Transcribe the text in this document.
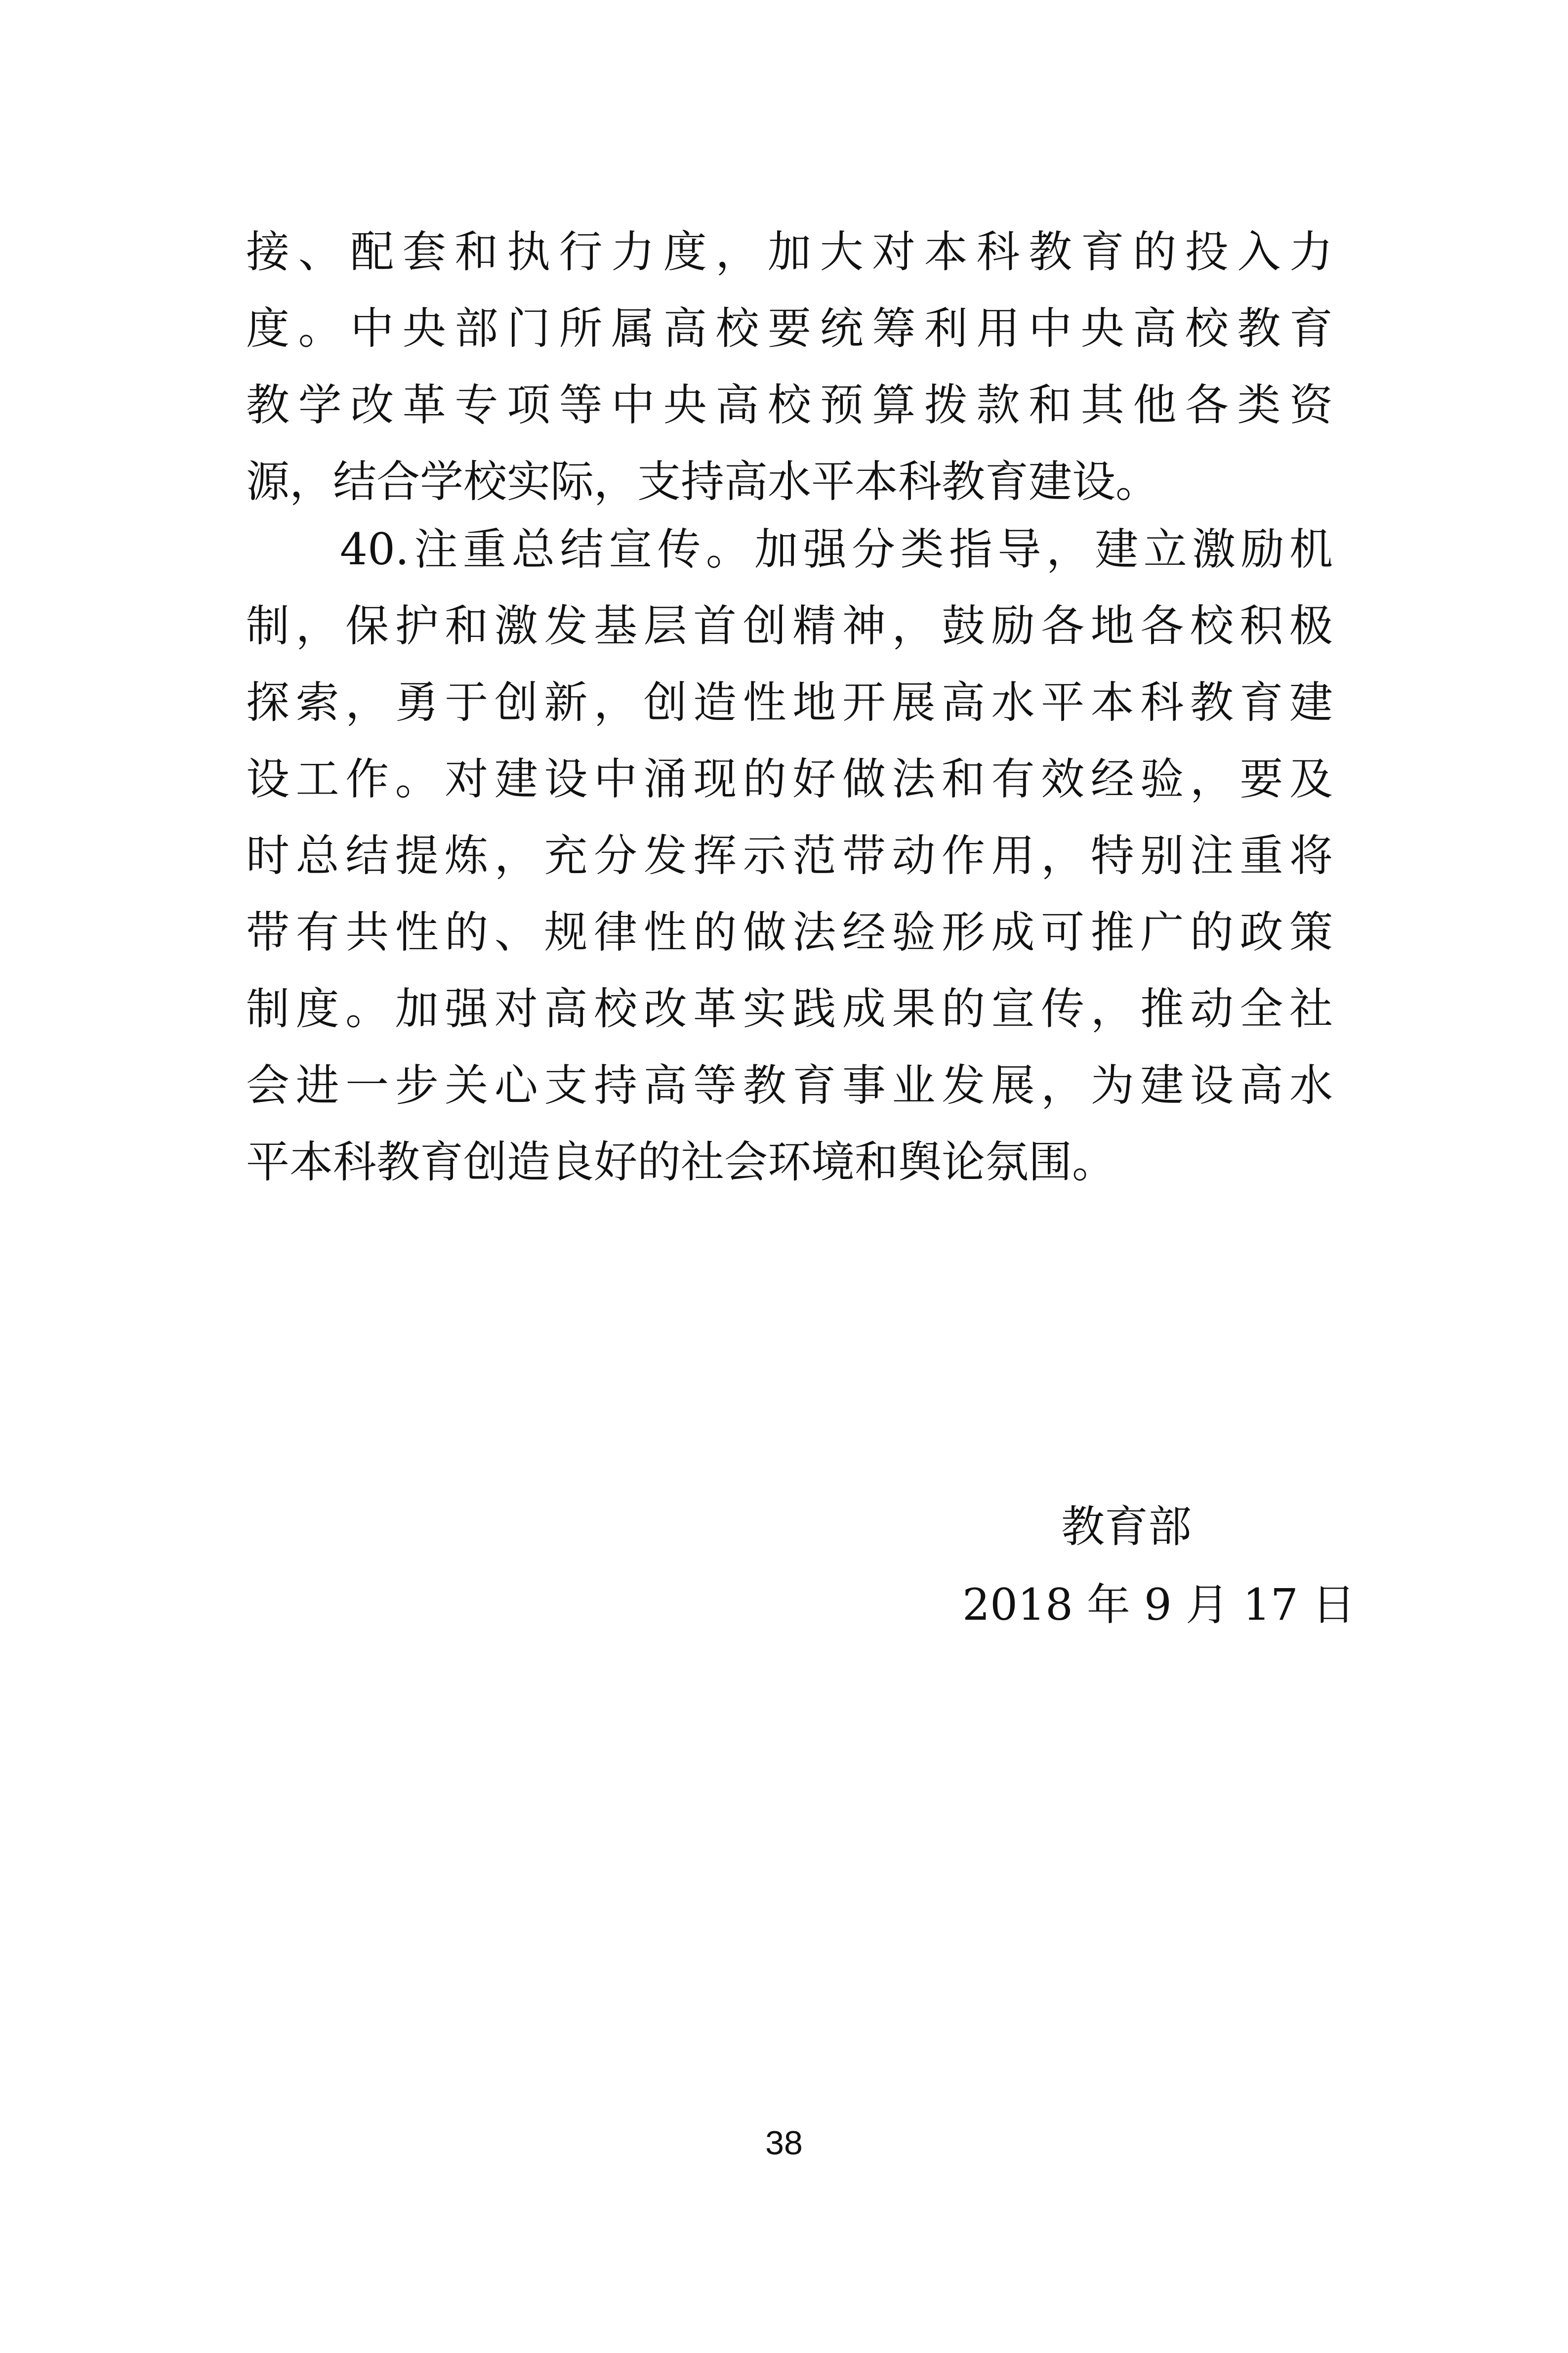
接、配套和执行力度，加大对本科教育的投入力
度。中央部门所属高校要统筹利用中央高校教育
教学改革专项等中央高校预算拨款和其他各类资
源，结合学校实际，支持高水平本科教育建设。
40.注重总结宣传。加强分类指导，建立激励机
制，保护和激发基层首创精神，鼓励各地各校积极
探索，勇于创新，创造性地开展高水平本科教育建
设工作。对建设中涌现的好做法和有效经验，要及
时总结提炼，充分发挥示范带动作用，特别注重将
带有共性的、规律性的做法经验形成可推广的政策
制度。加强对高校改革实践成果的宣传，推动全社
会进一步关心支持高等教育事业发展，为建设高水
平本科教育创造良好的社会环境和舆论氛围。
教育部
2018 年 9 月 17 日
38
